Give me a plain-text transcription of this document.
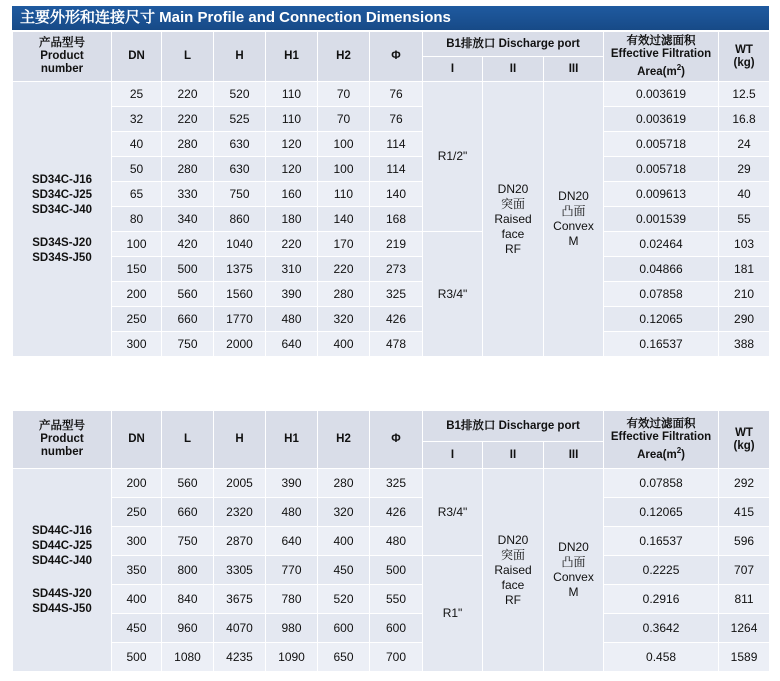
主要外形和连接尺寸 Main Profile and Connection Dimensions
产品型号
Product
number	DN	L	H	H1	H2	Φ	B1排放口 Discharge port			有效过滤面积
Effective Filtration
$Area(m^2)$	WT
(kg)

							I	II	III		

SD34C-J16
SD34C-J25
SD34C-J40
SD34S-J20
SD34S-J50	25	220	520	110	70	76	R1/2"	DN20
突面
Raised
face
RF	DN20
凸面
Convex
M	0.003619	12.5
	32	220	525	110	70	76				0.003619	16.8
	40	280	630	120	100	114				0.005718	24
	50	280	630	120	100	114				0.005718	29
	65	330	750	160	110	140				0.009613	40
	80	340	860	180	140	168				0.001539	55
	100	420	1040	220	170	219	R3/4"			0.02464	103
	150	500	1375	310	220	273				0.04866	181
	200	560	1560	390	280	325				0.07858	210
	250	660	1770	480	320	426				0.12065	290
	300	750	2000	640	400	478				0.16537	388
产品型号
Product
number	DN	L	H	H1	H2	Φ	B1排放口 Discharge port			有效过滤面积
Effective Filtration
$Area(m^2)$	WT
(kg)

							I	II	III		

SD44C-J16
SD44C-J25
SD44C-J40
SD44S-J20
SD44S-J50	200	560	2005	390	280	325	R3/4"	DN20
突面
Raised
face
RF	DN20
凸面
Convex
M	0.07858	292
	250	660	2320	480	320	426				0.12065	415
	300	750	2870	640	400	480				0.16537	596
	350	800	3305	770	450	500	R1"			0.2225	707
	400	840	3675	780	520	550				0.2916	811
	450	960	4070	980	600	600				0.3642	1264
	500	1080	4235	1090	650	700				0.458	1589
